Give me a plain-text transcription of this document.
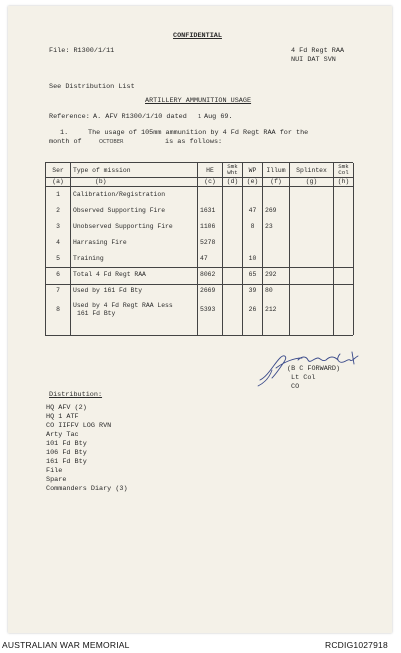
CONFIDENTIAL
File: R1300/1/11	4 Fd Regt RAA
NUI DAT SVN
See Distribution List
ARTILLERY AMMUNITION USAGE
Reference: A. AFV R1300/1/10 dated 1 Aug 69.
1.	The usage of 105mm ammunition by 4 Fd Regt RAA for the
month of	OCTOBER	is as follows:
Ser	Type of mission	HE	Smk Wht	WP	Illum	Splintex	Smk Col
(a)	(b)	(c)	(d)	(e)	(f)	(g)	(h)
1	Calibration/Registration						
2	Observed Supporting Fire	1631		47	269		
3	Unobserved Supporting Fire	1106		8	23		
4	Harrasing Fire	5278					
5	Training	47		10			
6	Total 4 Fd Regt RAA	8062		65	292		
7	Used by 161 Fd Bty	2669		39	80		
8	Used by 4 Fd Regt RAA Less
161 Fd Bty	5393		26	212		

(B C FORWARD)
Lt Col
CO
Distribution:
HQ AFV (2)
HQ 1 ATF
CO IIFFV LOG RVN
Arty Tac
101 Fd Bty
106 Fd Bty
161 Fd Bty
File
Spare
Commanders Diary (3)
AUSTRALIAN WAR MEMORIAL	RCDIG1027918
